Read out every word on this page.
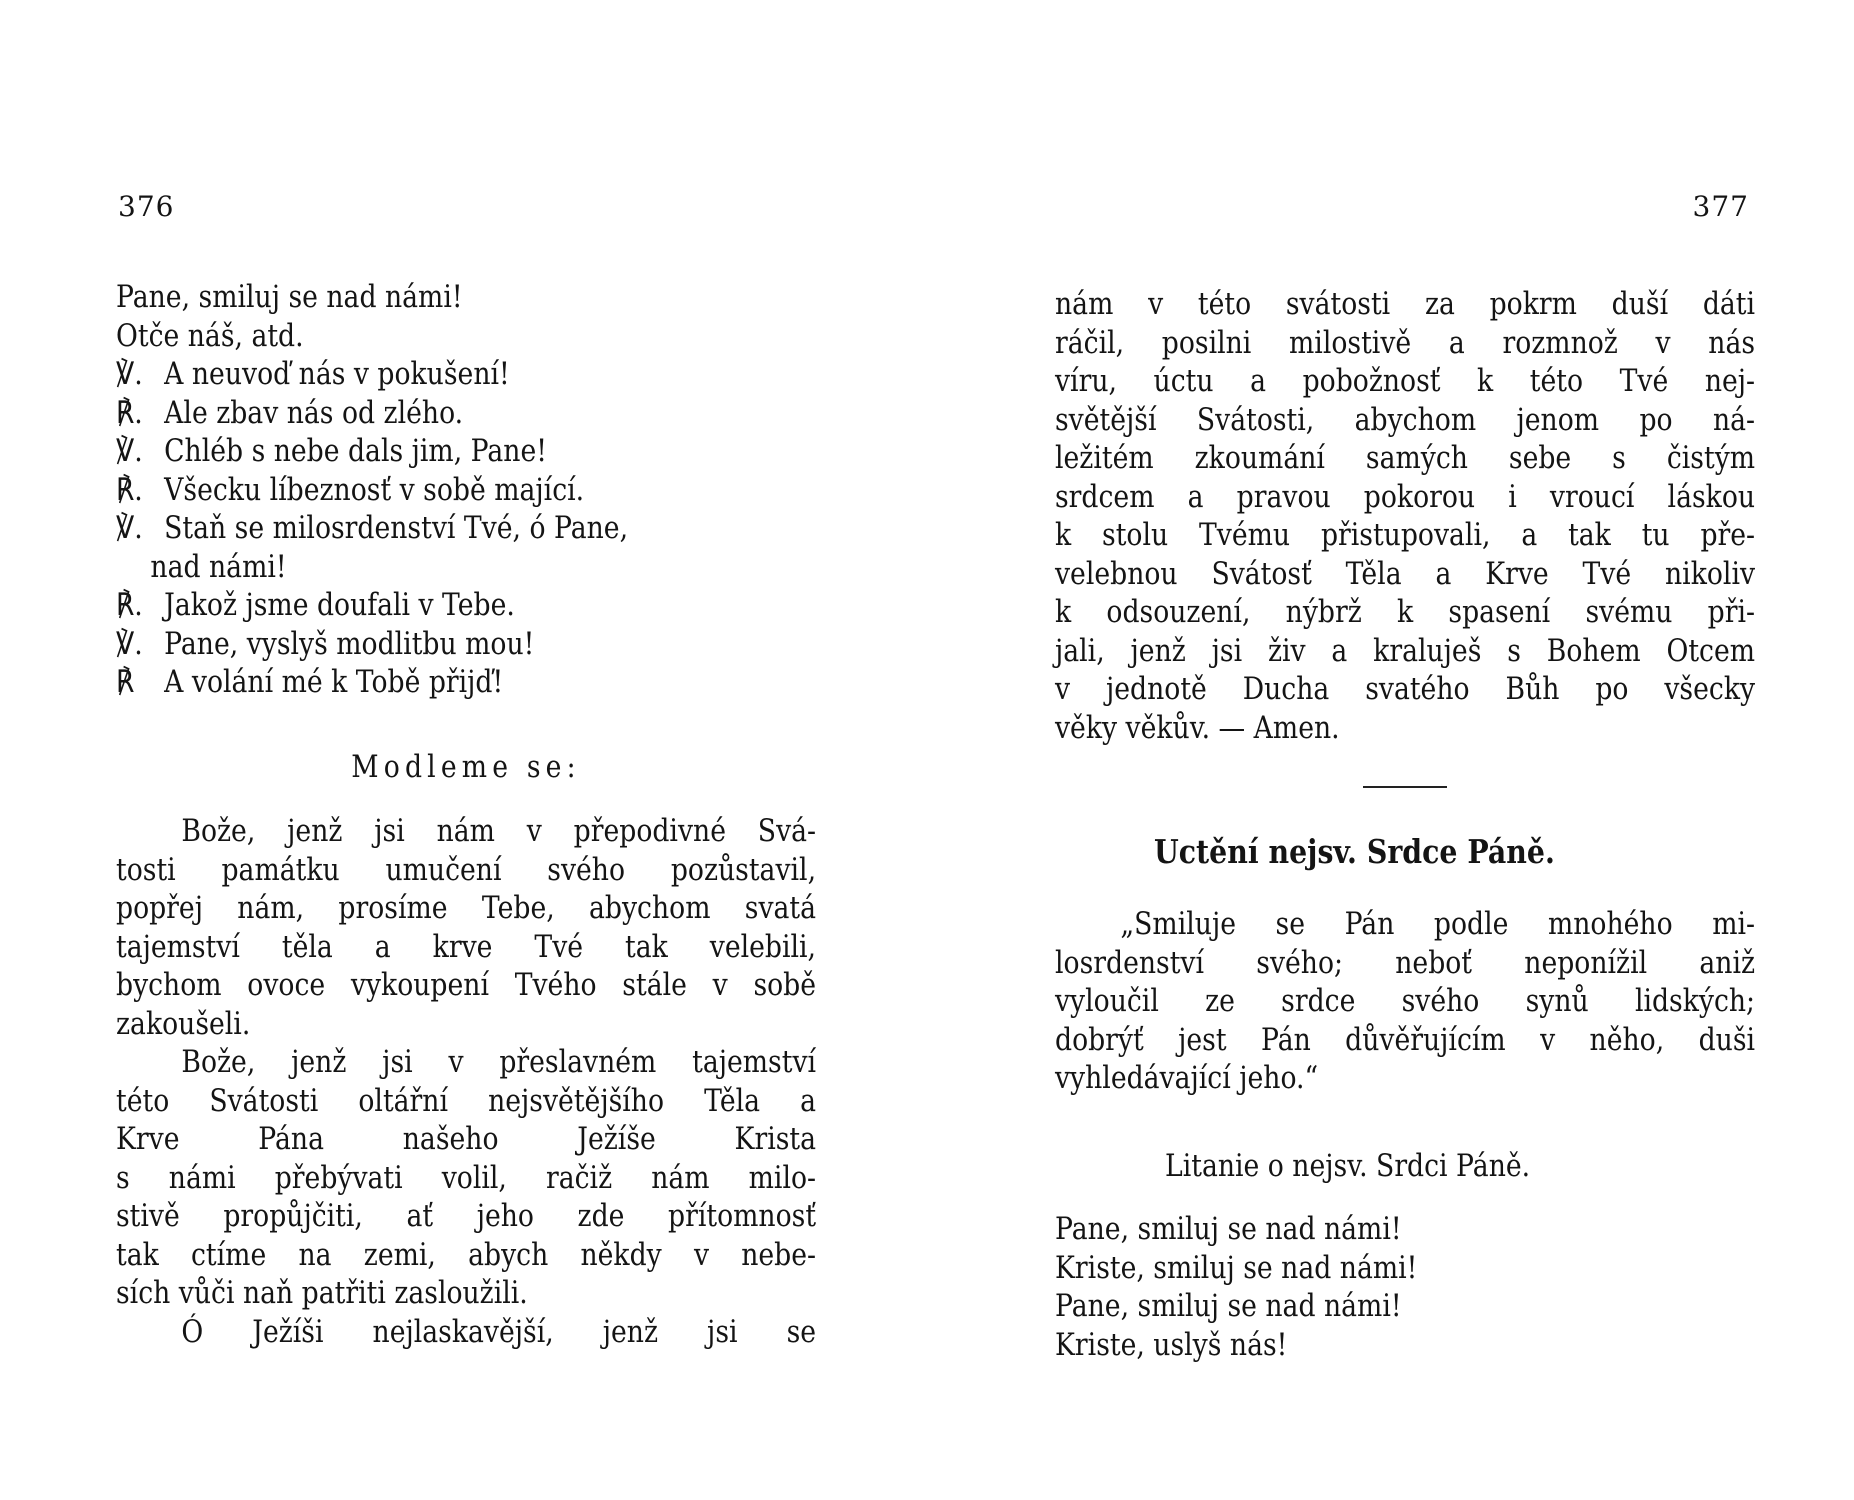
376
Pane, smiluj se nad námi!
Otče náš, atd.
℣. A neuvoď nás v pokušení!
℟. Ale zbav nás od zlého.
℣. Chléb s nebe dals jim, Pane!
℟. Všecku líbeznosť v sobě mající.
℣. Staň se milosrdenství Tvé, ó Pane,
nad námi!
℟. Jakož jsme doufali v Tebe.
℣. Pane, vyslyš modlitbu mou!
℟ A volání mé k Tobě přijď!
Modleme se:
Bože, jenž jsi nám v přepodivné Svá-
tosti památku umučení svého pozůstavil,
popřej nám, prosíme Tebe, abychom svatá
tajemství těla a krve Tvé tak velebili,
bychom ovoce vykoupení Tvého stále v sobě
zakoušeli.
Bože, jenž jsi v přeslavném tajemství
této Svátosti oltářní nejsvětějšího Těla a
Krve Pána našeho Ježíše Krista
s námi přebývati volil, račiž nám milo-
stivě propůjčiti, ať jeho zde přítomnosť
tak ctíme na zemi, abych někdy v nebe-
sích vůči naň patřiti zasloužili.
Ó Ježíši nejlaskavější, jenž jsi se
377
nám v této svátosti za pokrm duší dáti
ráčil, posilni milostivě a rozmnož v nás
víru, úctu a pobožnosť k této Tvé nej-
světější Svátosti, abychom jenom po ná-
ležitém zkoumání samých sebe s čistým
srdcem a pravou pokorou i vroucí láskou
k stolu Tvému přistupovali, a tak tu pře-
velebnou Svátosť Těla a Krve Tvé nikoliv
k odsouzení, nýbrž k spasení svému při-
jali, jenž jsi živ a kraluješ s Bohem Otcem
v jednotě Ducha svatého Bůh po všecky
věky věkův. — Amen.
Uctění nejsv. Srdce Páně.
„Smiluje se Pán podle mnohého mi-
losrdenství svého; neboť neponížil aniž
vyloučil ze srdce svého synů lidských;
dobrýť jest Pán důvěřujícím v něho, duši
vyhledávající jeho.“
Litanie o nejsv. Srdci Páně.
Pane, smiluj se nad námi!
Kriste, smiluj se nad námi!
Pane, smiluj se nad námi!
Kriste, uslyš nás!
